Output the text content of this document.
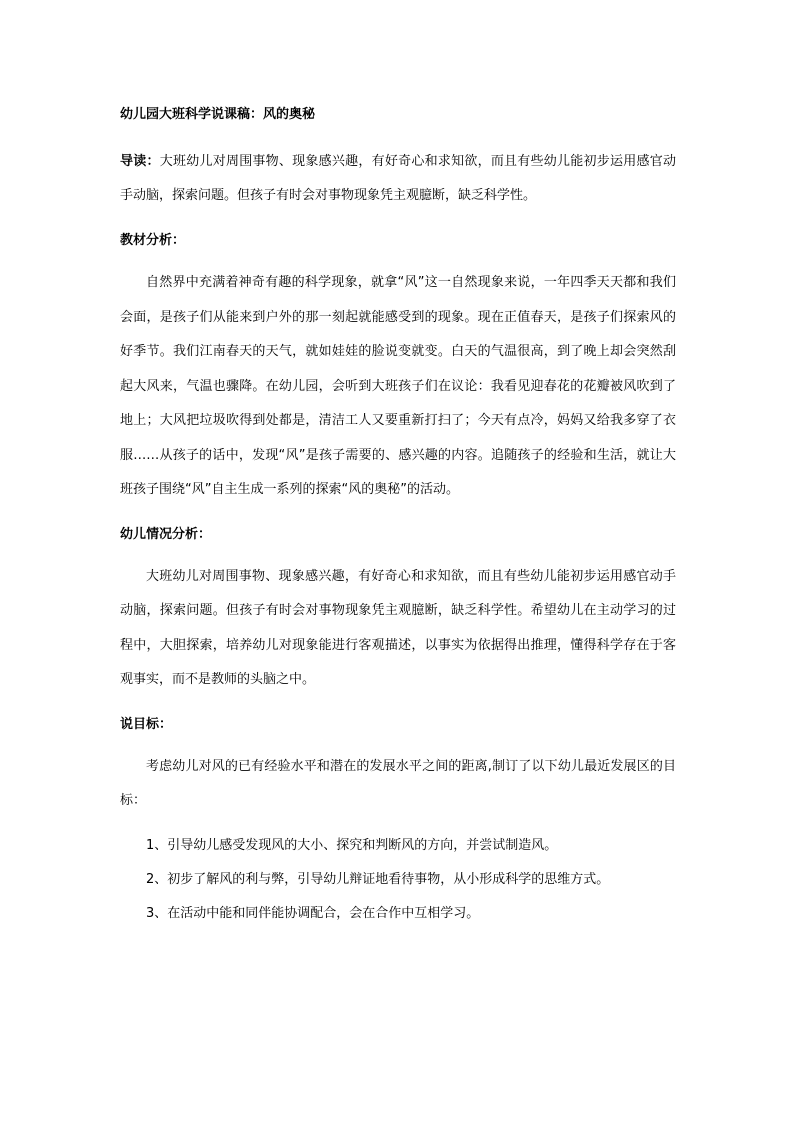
幼儿园大班科学说课稿：风的奥秘
导读：大班幼儿对周围事物、现象感兴趣，有好奇心和求知欲，而且有些幼儿能初步运用感官动手动脑，探索问题。但孩子有时会对事物现象凭主观臆断，缺乏科学性。
教材分析：
自然界中充满着神奇有趣的科学现象，就拿“风”这一自然现象来说，一年四季天天都和我们会面，是孩子们从能来到户外的那一刻起就能感受到的现象。现在正值春天，是孩子们探索风的好季节。我们江南春天的天气，就如娃娃的脸说变就变。白天的气温很高，到了晚上却会突然刮起大风来，气温也骤降。在幼儿园，会听到大班孩子们在议论：我看见迎春花的花瓣被风吹到了地上；大风把垃圾吹得到处都是，清洁工人又要重新打扫了；今天有点冷，妈妈又给我多穿了衣服……从孩子的话中，发现“风”是孩子需要的、感兴趣的内容。追随孩子的经验和生活，就让大班孩子围绕“风”自主生成一系列的探索“风的奥秘”的活动。
幼儿情况分析：
大班幼儿对周围事物、现象感兴趣，有好奇心和求知欲，而且有些幼儿能初步运用感官动手动脑，探索问题。但孩子有时会对事物现象凭主观臆断，缺乏科学性。希望幼儿在主动学习的过程中，大胆探索，培养幼儿对现象能进行客观描述，以事实为依据得出推理，懂得科学存在于客观事实，而不是教师的头脑之中。
说目标：
考虑幼儿对风的已有经验水平和潜在的发展水平之间的距离,制订了以下幼儿最近发展区的目标：
1、引导幼儿感受发现风的大小、探究和判断风的方向，并尝试制造风。
2、初步了解风的利与弊，引导幼儿辩证地看待事物，从小形成科学的思维方式。
3、在活动中能和同伴能协调配合，会在合作中互相学习。
